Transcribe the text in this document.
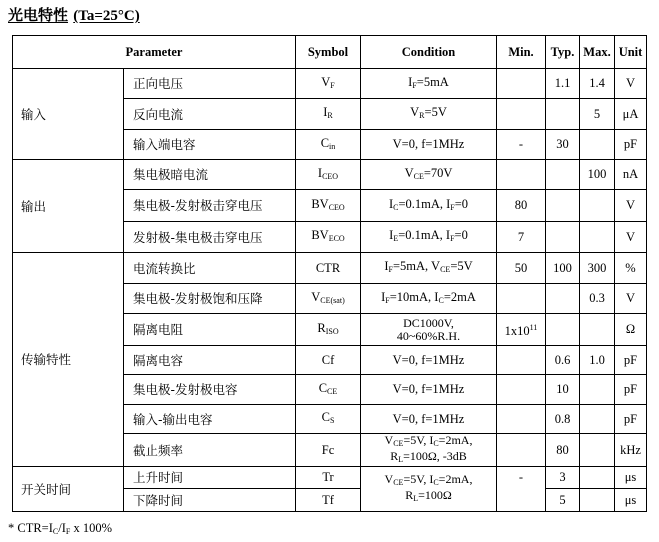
光电特性 (Ta=25°C)
Parameter		Symbol	Condition	Min.	Typ.	Max.	Unit
输入	正向电压	$V_F$	$I_F=5mA$		1.1	1.4	V
	反向电流	$I_R$	$V_R=5V$			5	μA
	输入端电容	$C_{in}$	V=0, f=1MHz	-	30		pF
输出	集电极暗电流	$I_{CEO}$	$V_{CE}=70V$			100	nA
	集电极-发射极击穿电压	$BV_{CEO}$	$I_C=0.1mA$, $I_F=0$	80			V
	发射极-集电极击穿电压	$BV_{ECO}$	$I_E=0.1mA$, $I_F=0$	7			V
传输特性	电流转换比	CTR	$I_F=5mA$, $V_{CE}=5V$	50	100	300	%
	集电极-发射极饱和压降	$V_{CE(sat)}$	$I_F=10mA$, $I_C=2mA$			0.3	V
	隔离电阻	$R_{ISO}$	DC1000V,
40~60%R.H.	$1x10^{11}$			Ω
	隔离电容	Cf	V=0, f=1MHz		0.6	1.0	pF
	集电极-发射极电容	$C_{CE}$	V=0, f=1MHz		10		pF
	输入-输出电容	$C_S$	V=0, f=1MHz		0.8		pF
	截止频率	Fc	$V_{CE}=5V$, $I_C=2mA$,
$R_L=100\Omega$, -3dB		80		kHz
开关时间	上升时间	Tr	$V_{CE}=5V$, $I_C=2mA$,
$R_L=100\Omega$	-	3		μs
	下降时间	Tf			5		μs
* $CTR=I_C/I_F$ x 100%
